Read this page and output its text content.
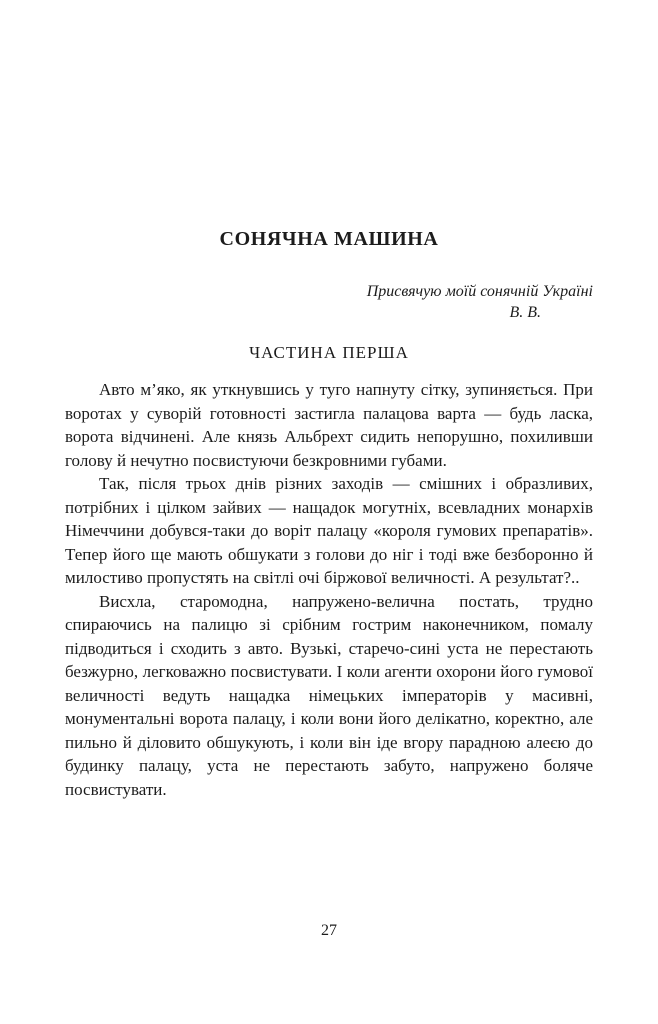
СОНЯЧНА МАШИНА
Присвячую моїй сонячній Україні
В. В.
ЧАСТИНА ПЕРША

Авто м’яко, як уткнувшись у туго напнуту сітку, зупиняється. При воротах у суворій готовності застигла палацова варта — будь ласка, ворота відчинені. Але князь Альбрехт сидить непорушно, похиливши голову й нечутно посвистуючи безкровними губами.

Так, після трьох днів різних заходів — смішних і образливих, потрібних і цілком зайвих — нащадок могутніх, всевладних монархів Німеччини добувся-таки до воріт палацу «короля гумових препаратів». Тепер його ще мають обшукати з голови до ніг і тоді вже безборонно й милостиво пропустять на світлі очі біржової величності. А результат?..

Висхла, старомодна, напружено-велична постать, трудно спираючись на палицю зі срібним гострим наконечником, помалу підводиться і сходить з авто. Вузькі, старечо-сині уста не перестають безжурно, легковажно посвистувати. І коли агенти охорони його гумової величності ведуть нащадка німецьких імператорів у масивні, монументальні ворота палацу, і коли вони його делікатно, коректно, але пильно й діловито обшукують, і коли він іде вгору парадною алеєю до будинку палацу, уста не перестають забуто, напружено боляче посвистувати.

27
